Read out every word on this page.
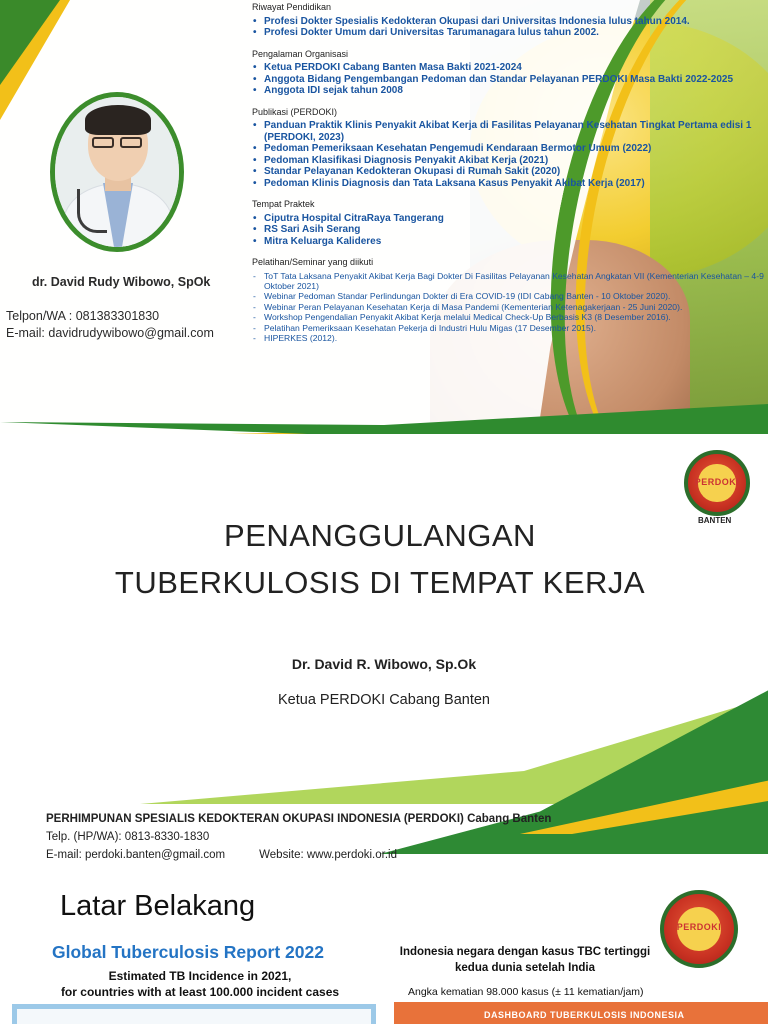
dr. David Rudy Wibowo, SpOk
Telpon/WA : 081383301830
E-mail: davidrudywibowo@gmail.com
Riwayat Pendidikan
• Profesi Dokter Spesialis Kedokteran Okupasi dari Universitas Indonesia lulus tahun 2014.
• Profesi Dokter Umum dari Universitas Tarumanagara lulus tahun 2002.
Pengalaman Organisasi
• Ketua PERDOKI Cabang Banten Masa Bakti 2021-2024
• Anggota Bidang Pengembangan Pedoman dan Standar Pelayanan PERDOKI Masa Bakti 2022-2025
• Anggota IDI sejak tahun 2008
Publikasi (PERDOKI)
• Panduan Praktik Klinis Penyakit Akibat Kerja di Fasilitas Pelayanan Kesehatan Tingkat Pertama edisi 1 (PERDOKI, 2023)
• Pedoman Pemeriksaan Kesehatan Pengemudi Kendaraan Bermotor Umum (2022)
• Pedoman Klasifikasi Diagnosis Penyakit Akibat Kerja (2021)
• Standar Pelayanan Kedokteran Okupasi di Rumah Sakit (2020)
• Pedoman Klinis Diagnosis dan Tata Laksana Kasus Penyakit Akibat Kerja (2017)
Tempat Praktek
• Ciputra Hospital CitraRaya Tangerang
• RS Sari Asih Serang
• Mitra Keluarga Kalideres
Pelatihan/Seminar yang diikuti
- ToT Tata Laksana Penyakit Akibat Kerja Bagi Dokter Di Fasilitas Pelayanan Kesehatan Angkatan VII (Kementerian Kesehatan – 4-9 Oktober 2021)
- Webinar Pedoman Standar Perlindungan Dokter di Era COVID-19 (IDI Cabang Banten - 10 Oktober 2020).
- Webinar Peran Pelayanan Kesehatan Kerja di Masa Pandemi (Kementerian Ketenagakerjaan - 25 Juni 2020).
- Workshop Pengendalian Penyakit Akibat Kerja melalui Medical Check-Up Berbasis K3 (8 Desember 2016).
- Pelatihan Pemeriksaan Kesehatan Pekerja di Industri Hulu Migas (17 Desember 2015).
- HIPERKES (2012).
PERDOKI
BANTEN
PENANGGULANGAN TUBERKULOSIS DI TEMPAT KERJA
Dr. David R. Wibowo, Sp.Ok
Ketua PERDOKI Cabang Banten
PERHIMPUNAN SPESIALIS KEDOKTERAN OKUPASI INDONESIA (PERDOKI) Cabang Banten
Telp. (HP/WA): 0813-8330-1830
E-mail: perdoki.banten@gmail.com	Website: www.perdoki.or.id
Latar Belakang
PERDOKI
Global Tuberculosis Report 2022
Estimated TB Incidence in 2021,
for countries with at least 100.000 incident cases
Indonesia negara dengan kasus TBC tertinggi
kedua dunia setelah India
Angka kematian 98.000 kasus (± 11 kematian/jam)
DASHBOARD TUBERKULOSIS INDONESIA
